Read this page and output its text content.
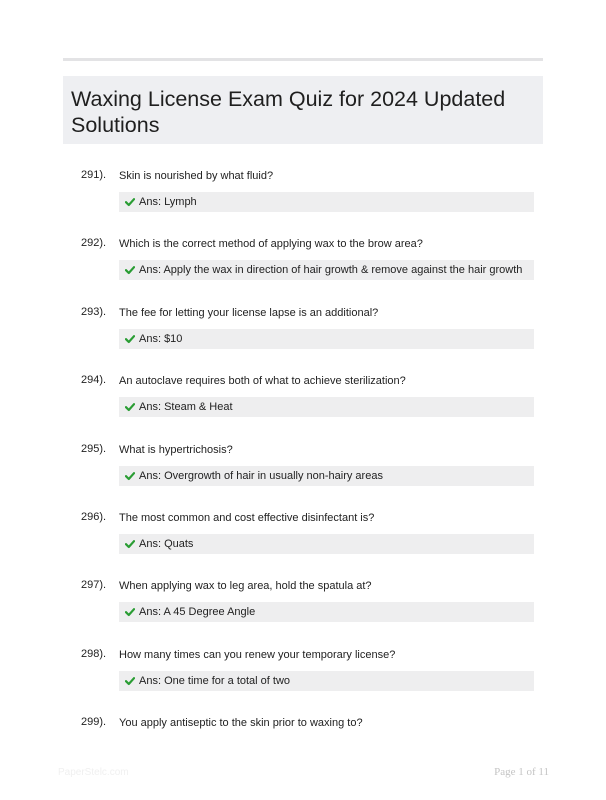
Waxing License Exam Quiz for 2024 Updated Solutions
291). Skin is nourished by what fluid?
Ans: Lymph
292). Which is the correct method of applying wax to the brow area?
Ans: Apply the wax in direction of hair growth & remove against the hair growth
293). The fee for letting your license lapse is an additional?
Ans: $10
294). An autoclave requires both of what to achieve sterilization?
Ans: Steam & Heat
295). What is hypertrichosis?
Ans: Overgrowth of hair in usually non-hairy areas
296). The most common and cost effective disinfectant is?
Ans: Quats
297). When applying wax to leg area, hold the spatula at?
Ans: A 45 Degree Angle
298). How many times can you renew your temporary license?
Ans: One time for a total of two
299). You apply antiseptic to the skin prior to waxing to?
PaperStelc.com	Page 1 of 11
